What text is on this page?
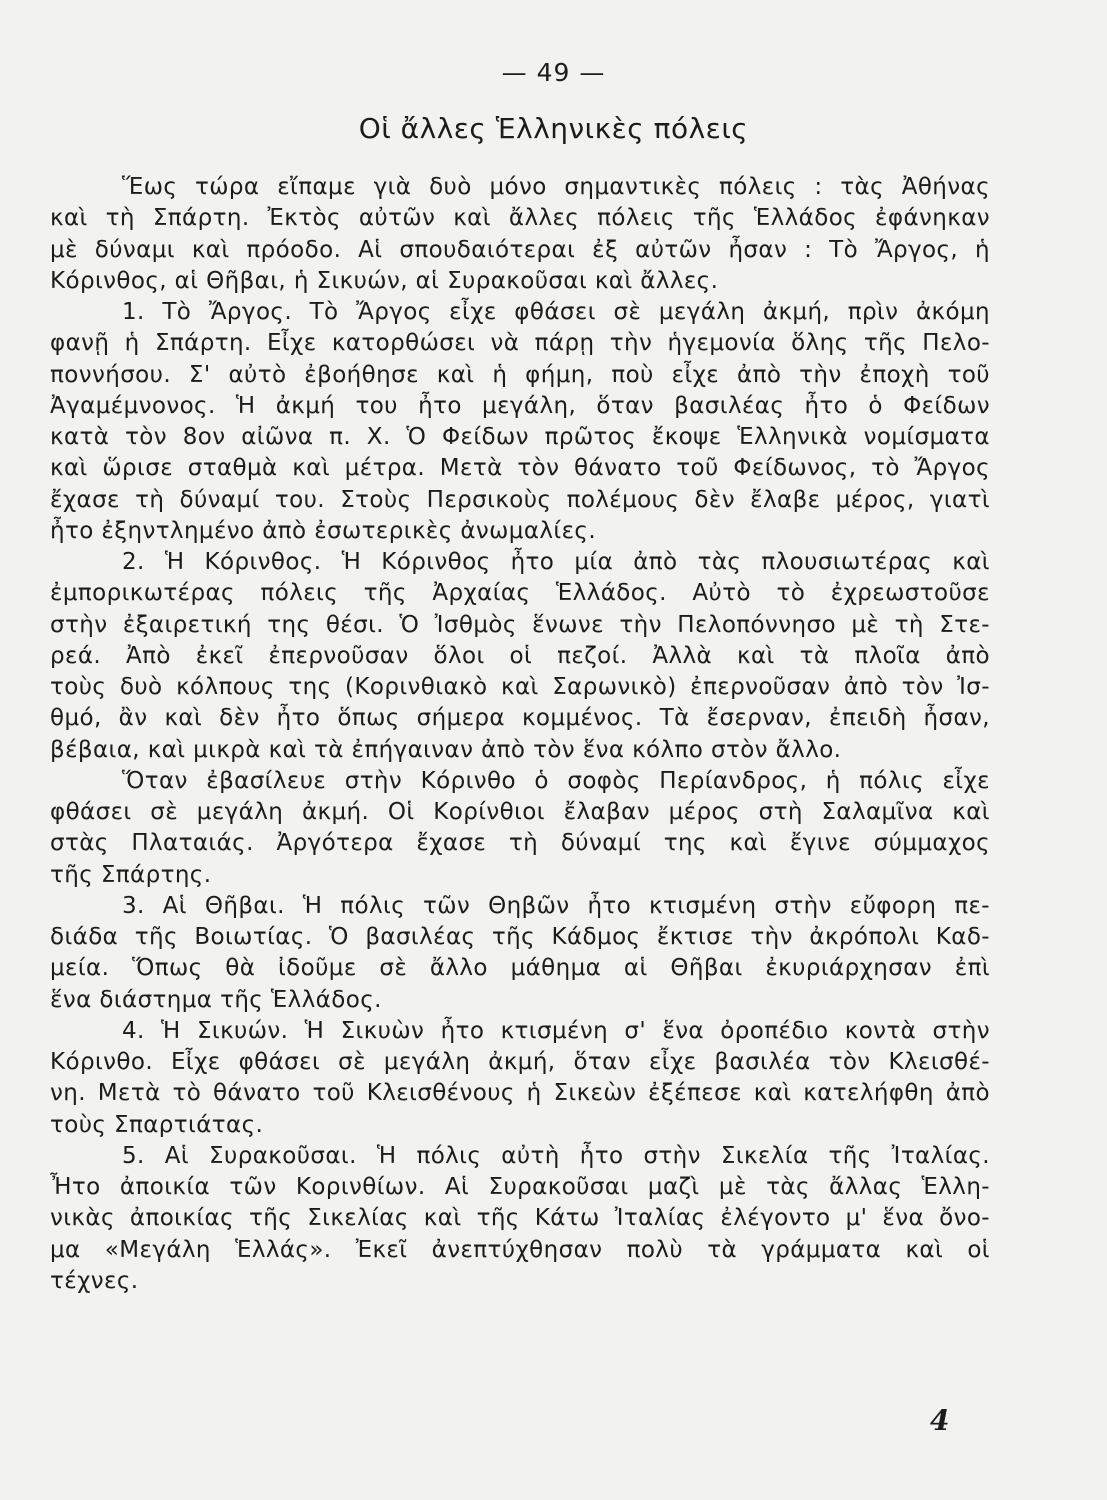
— 49 —
Οἱ ἄλλες Ἑλληνικὲς πόλεις
Ἕως τώρα εἴπαμε γιὰ δυὸ μόνο σημαντικὲς πόλεις : τὰς Ἀθήνας
καὶ τὴ Σπάρτη. Ἐκτὸς αὐτῶν καὶ ἄλλες πόλεις τῆς Ἑλλάδος ἐφάνηκαν
μὲ δύναμι καὶ πρόοδο. Αἱ σπουδαιότεραι ἐξ αὐτῶν ἦσαν : Τὸ Ἄργος, ἡ
Κόρινθος, αἱ Θῆβαι, ἡ Σικυών, αἱ Συρακοῦσαι καὶ ἄλλες.
1. Τὸ Ἄργος. Τὸ Ἄργος εἶχε φθάσει σὲ μεγάλη ἀκμή, πρὶν ἀκόμη
φανῇ ἡ Σπάρτη. Εἶχε κατορθώσει νὰ πάρῃ τὴν ἡγεμονία ὅλης τῆς Πελο-
ποννήσου. Σ' αὐτὸ ἐβοήθησε καὶ ἡ φήμη, ποὺ εἶχε ἀπὸ τὴν ἐποχὴ τοῦ
Ἀγαμέμνονος. Ἡ ἀκμή του ἦτο μεγάλη, ὅταν βασιλέας ἦτο ὁ Φείδων
κατὰ τὸν 8ον αἰῶνα π. Χ. Ὁ Φείδων πρῶτος ἔκοψε Ἑλληνικὰ νομίσματα
καὶ ὥρισε σταθμὰ καὶ μέτρα. Μετὰ τὸν θάνατο τοῦ Φείδωνος, τὸ Ἄργος
ἔχασε τὴ δύναμί του. Στοὺς Περσικοὺς πολέμους δὲν ἔλαβε μέρος, γιατὶ
ἦτο ἐξηντλημένο ἀπὸ ἐσωτερικὲς ἀνωμαλίες.
2. Ἡ Κόρινθος. Ἡ Κόρινθος ἦτο μία ἀπὸ τὰς πλουσιωτέρας καὶ
ἐμπορικωτέρας πόλεις τῆς Ἀρχαίας Ἑλλάδος. Αὐτὸ τὸ ἐχρεωστοῦσε
στὴν ἐξαιρετική της θέσι. Ὁ Ἰσθμὸς ἕνωνε τὴν Πελοπόννησο μὲ τὴ Στε-
ρεά. Ἀπὸ ἐκεῖ ἐπερνοῦσαν ὅλοι οἱ πεζοί. Ἀλλὰ καὶ τὰ πλοῖα ἀπὸ
τοὺς δυὸ κόλπους της (Κορινθιακὸ καὶ Σαρωνικὸ) ἐπερνοῦσαν ἀπὸ τὸν Ἰσ-
θμό, ἂν καὶ δὲν ἦτο ὅπως σήμερα κομμένος. Τὰ ἔσερναν, ἐπειδὴ ἦσαν,
βέβαια, καὶ μικρὰ καὶ τὰ ἐπήγαιναν ἀπὸ τὸν ἕνα κόλπο στὸν ἄλλο.
Ὅταν ἐβασίλευε στὴν Κόρινθο ὁ σοφὸς Περίανδρος, ἡ πόλις εἶχε
φθάσει σὲ μεγάλη ἀκμή. Οἱ Κορίνθιοι ἔλαβαν μέρος στὴ Σαλαμῖνα καὶ
στὰς Πλαταιάς. Ἀργότερα ἔχασε τὴ δύναμί της καὶ ἔγινε σύμμαχος
τῆς Σπάρτης.
3. Αἱ Θῆβαι. Ἡ πόλις τῶν Θηβῶν ἦτο κτισμένη στὴν εὔφορη πε-
διάδα τῆς Βοιωτίας. Ὁ βασιλέας τῆς Κάδμος ἔκτισε τὴν ἀκρόπολι Καδ-
μεία. Ὅπως θὰ ἰδοῦμε σὲ ἄλλο μάθημα αἱ Θῆβαι ἐκυριάρχησαν ἐπὶ
ἕνα διάστημα τῆς Ἑλλάδος.
4. Ἡ Σικυών. Ἡ Σικυὼν ἦτο κτισμένη σ' ἕνα ὀροπέδιο κοντὰ στὴν
Κόρινθο. Εἶχε φθάσει σὲ μεγάλη ἀκμή, ὅταν εἶχε βασιλέα τὸν Κλεισθέ-
νη. Μετὰ τὸ θάνατο τοῦ Κλεισθένους ἡ Σικεὼν ἐξέπεσε καὶ κατελήφθη ἀπὸ
τοὺς Σπαρτιάτας.
5. Αἱ Συρακοῦσαι. Ἡ πόλις αὐτὴ ἦτο στὴν Σικελία τῆς Ἰταλίας.
Ἦτο ἀποικία τῶν Κορινθίων. Αἱ Συρακοῦσαι μαζὶ μὲ τὰς ἄλλας Ἑλλη-
νικὰς ἀποικίας τῆς Σικελίας καὶ τῆς Κάτω Ἰταλίας ἐλέγοντο μ' ἕνα ὄνο-
μα «Μεγάλη Ἑλλάς». Ἐκεῖ ἀνεπτύχθησαν πολὺ τὰ γράμματα καὶ οἱ
τέχνες.
4
